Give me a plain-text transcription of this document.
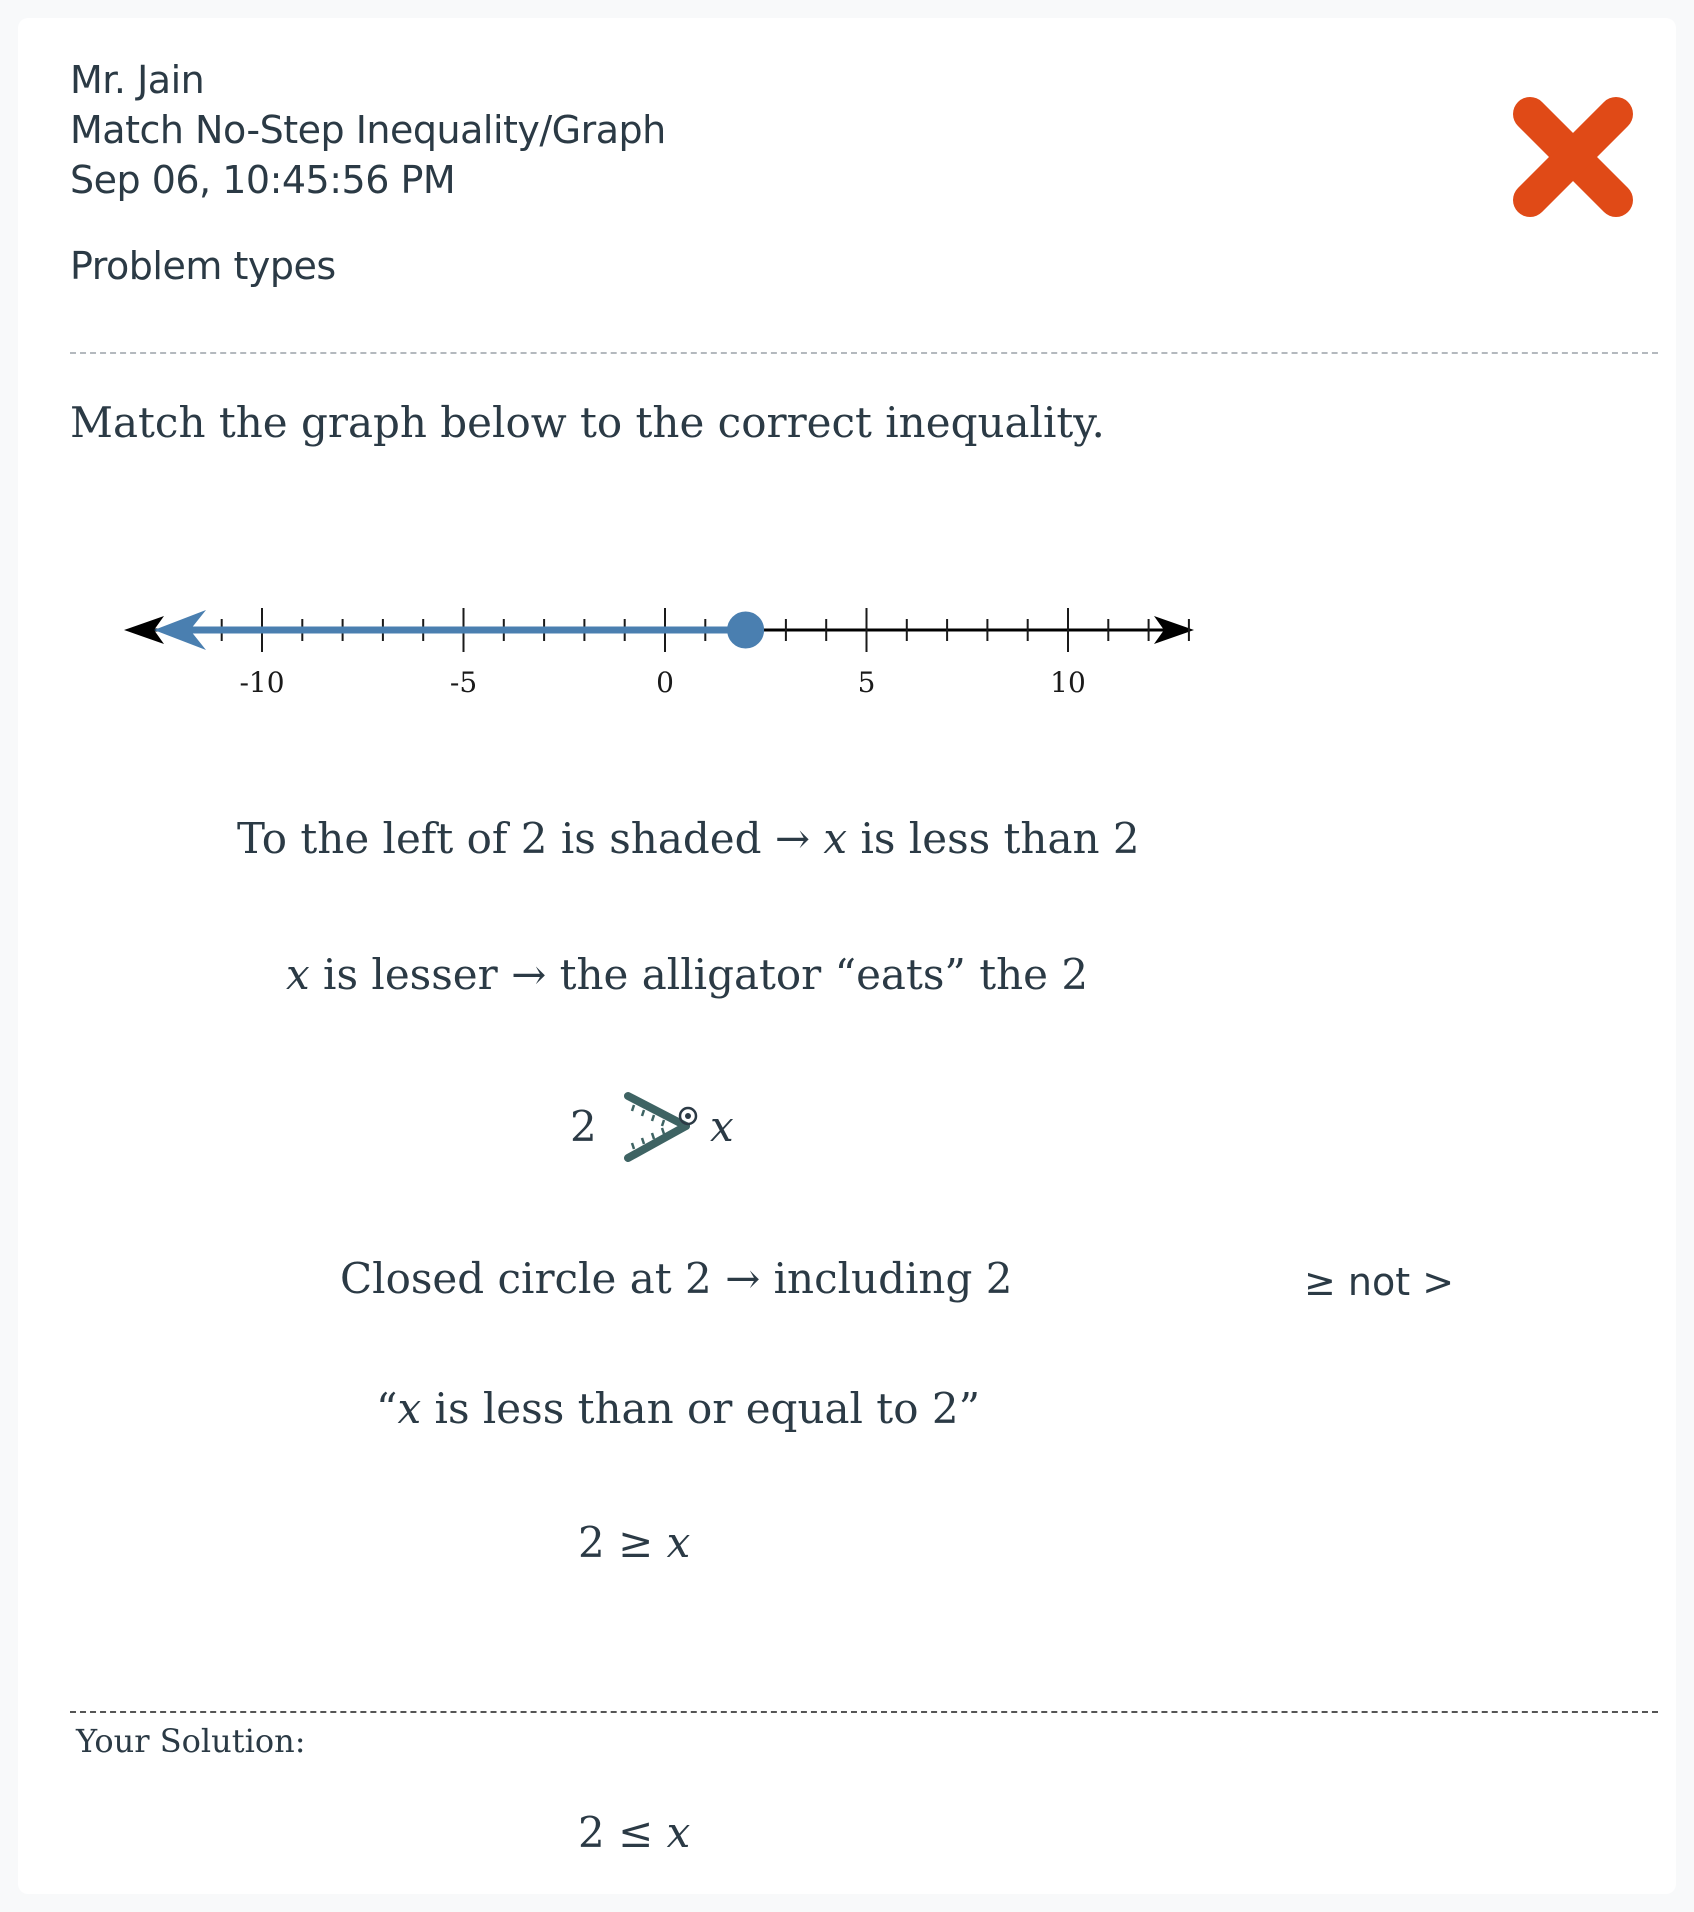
Mr. Jain
Match No-Step Inequality/Graph
Sep 06, 10:45:56 PM
Problem types
Match the graph below to the correct inequality.
-10	-5	0	5	10
To the left of 2 is shaded → x is less than 2
x is lesser → the alligator “eats” the 2
2	x
Closed circle at 2 → including 2	≥ not >
“x is less than or equal to 2”
2 ≥ x
Your Solution:
2 ≤ x
